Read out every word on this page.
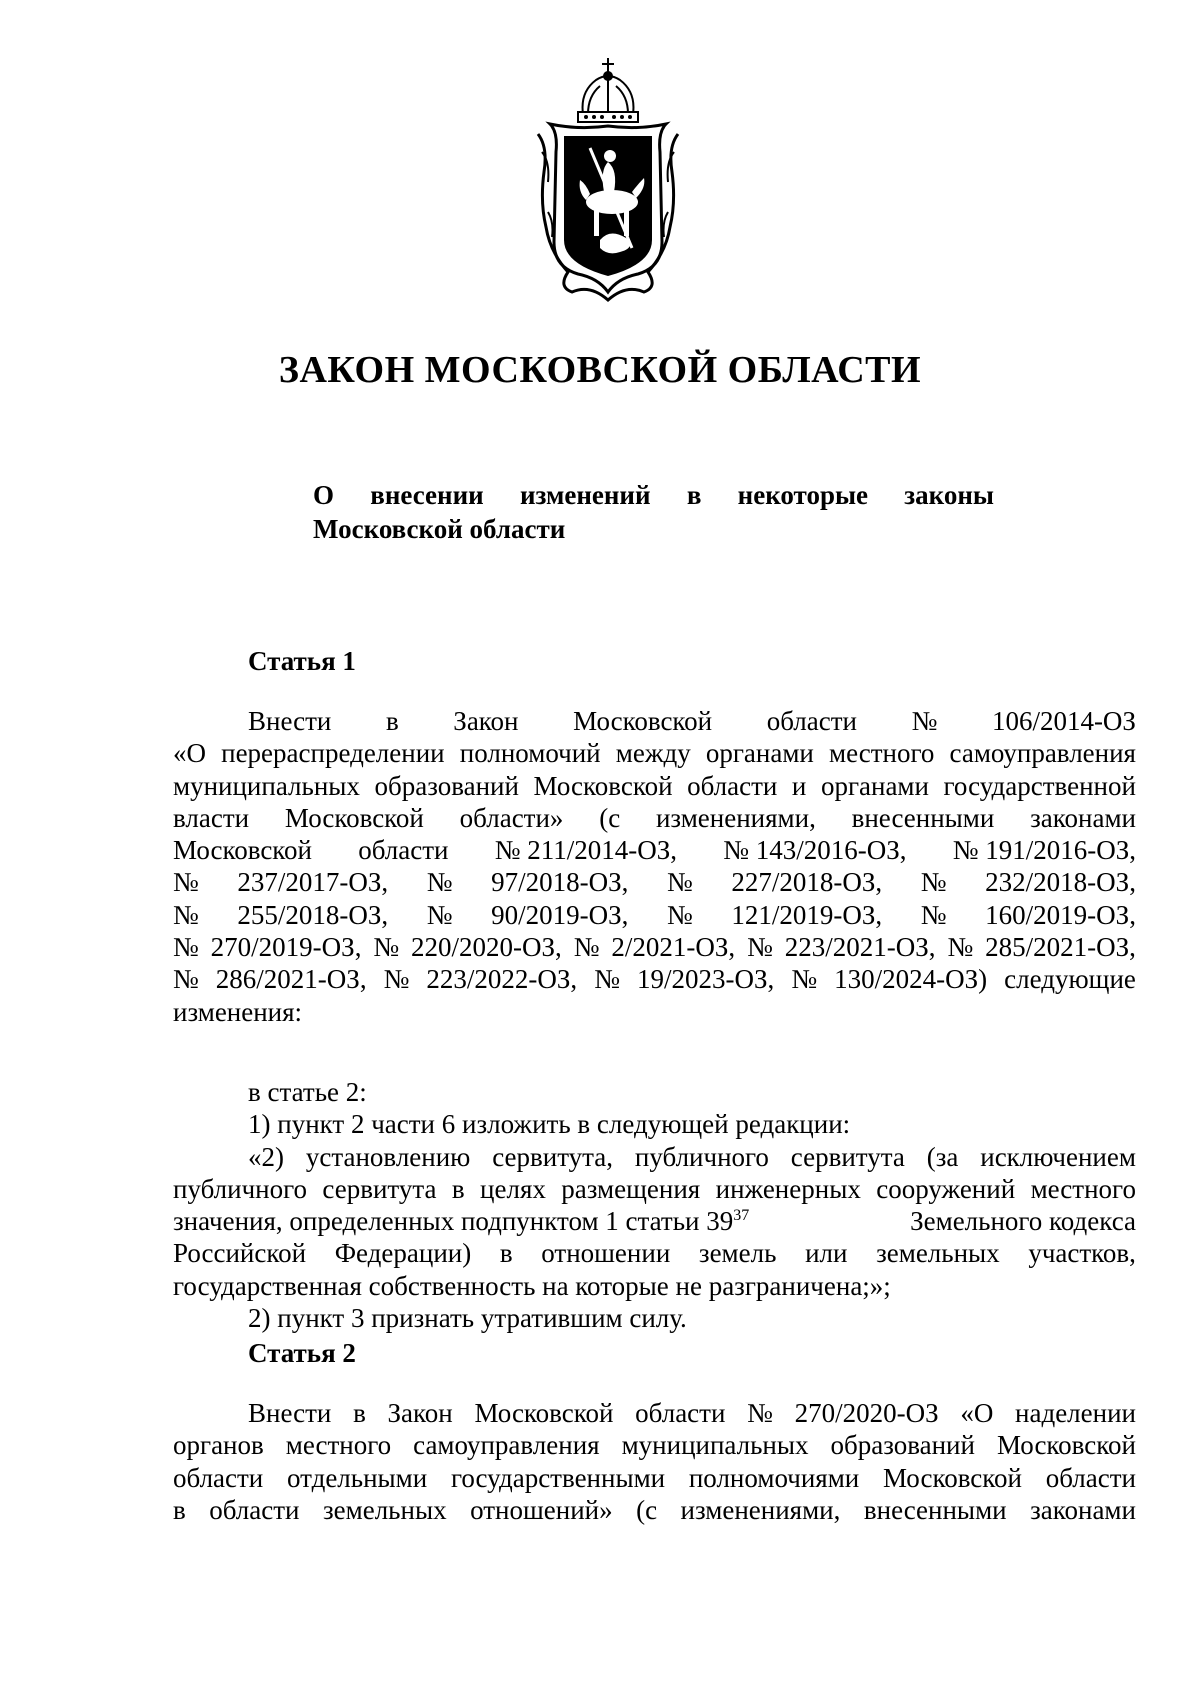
ЗАКОН МОСКОВСКОЙ ОБЛАСТИ
О внесении изменений в некоторые законы
Московской области
Статья 1
Внести в Закон Московской области № 106/2014-ОЗ
«О перераспределении полномочий между органами местного самоуправления
муниципальных образований Московской области и органами государственной
власти Московской области» (с изменениями, внесенными законами
Московской области № 211/2014-ОЗ, № 143/2016-ОЗ, № 191/2016-ОЗ,
№ 237/2017-ОЗ, № 97/2018-ОЗ, № 227/2018-ОЗ, № 232/2018-ОЗ,
№ 255/2018-ОЗ, № 90/2019-ОЗ, № 121/2019-ОЗ, № 160/2019-ОЗ,
№ 270/2019-ОЗ, № 220/2020-ОЗ, № 2/2021-ОЗ, № 223/2021-ОЗ, № 285/2021-ОЗ,
№ 286/2021-ОЗ, № 223/2022-ОЗ, № 19/2023-ОЗ, № 130/2024-ОЗ) следующие
изменения:
в статье 2:
1) пункт 2 части 6 изложить в следующей редакции:
«2) установлению сервитута, публичного сервитута (за исключением
публичного сервитута в целях размещения инженерных сооружений местного
значения, определенных подпунктом 1 статьи $39^{37}$	Земельного кодекса
Российской Федерации) в отношении земель или земельных участков,
государственная собственность на которые не разграничена;»;
2) пункт 3 признать утратившим силу.
Статья 2
Внести в Закон Московской области № 270/2020-ОЗ «О наделении
органов местного самоуправления муниципальных образований Московской
области отдельными государственными полномочиями Московской области
в области земельных отношений» (с изменениями, внесенными законами
